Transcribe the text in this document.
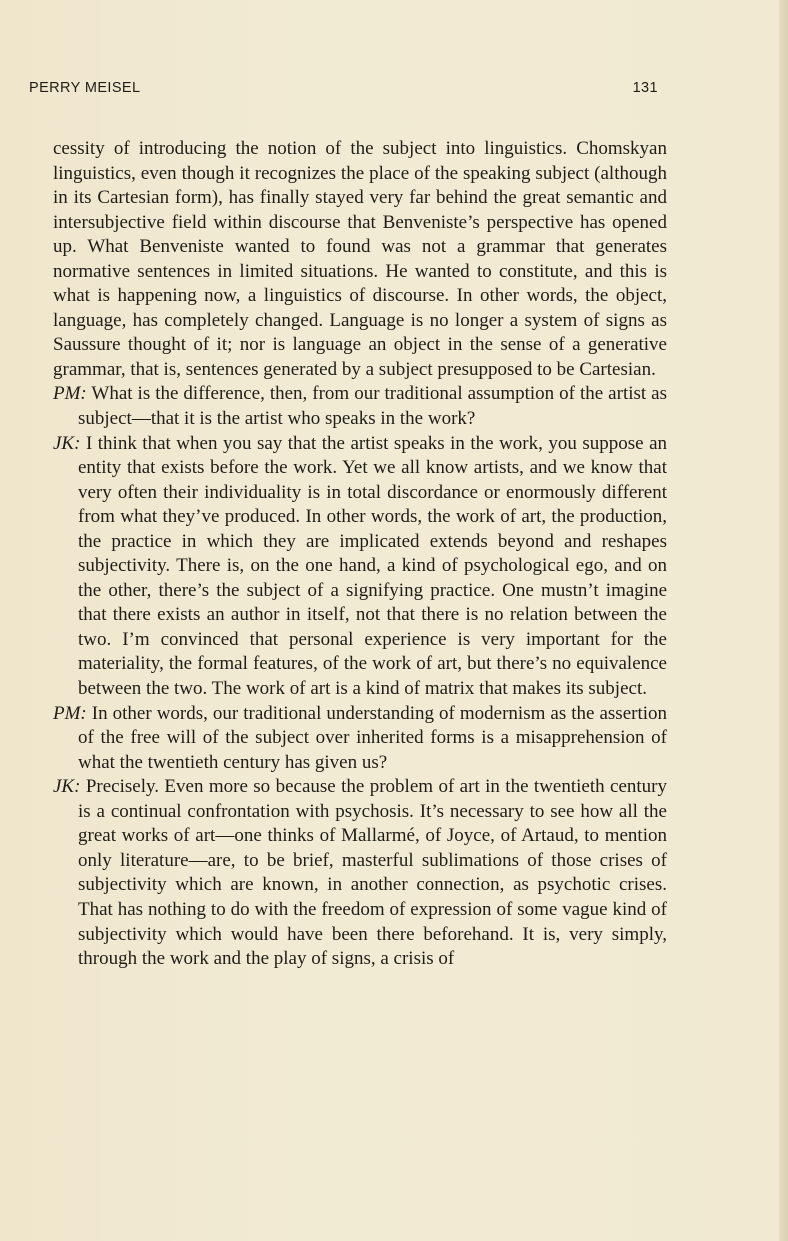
PERRY MEISEL	131

cessity of introducing the notion of the subject into linguistics. Chomskyan linguistics, even though it recognizes the place of the speaking subject (although in its Cartesian form), has finally stayed very far behind the great semantic and intersubjective field within discourse that Benveniste’s perspective has opened up. What Benveniste wanted to found was not a grammar that generates normative sentences in limited situations. He wanted to constitute, and this is what is happening now, a linguistics of discourse. In other words, the object, language, has completely changed. Language is no longer a system of signs as Saussure thought of it; nor is language an object in the sense of a generative grammar, that is, sentences generated by a subject presupposed to be Cartesian.

PM: What is the difference, then, from our traditional assumption of the artist as subject—that it is the artist who speaks in the work?

JK: I think that when you say that the artist speaks in the work, you suppose an entity that exists before the work. Yet we all know artists, and we know that very often their individuality is in total discordance or enormously different from what they’ve produced. In other words, the work of art, the production, the practice in which they are implicated extends beyond and reshapes subjectivity. There is, on the one hand, a kind of psychological ego, and on the other, there’s the subject of a signifying practice. One mustn’t imagine that there exists an author in itself, not that there is no relation between the two. I’m convinced that personal experience is very important for the materiality, the formal features, of the work of art, but there’s no equivalence between the two. The work of art is a kind of matrix that makes its subject.

PM: In other words, our traditional understanding of modernism as the assertion of the free will of the subject over inherited forms is a misapprehension of what the twentieth century has given us?

JK: Precisely. Even more so because the problem of art in the twentieth century is a continual confrontation with psychosis. It’s necessary to see how all the great works of art—one thinks of Mallarmé, of Joyce, of Artaud, to mention only literature—are, to be brief, masterful sublimations of those crises of subjectivity which are known, in another connection, as psychotic crises. That has nothing to do with the freedom of expression of some vague kind of subjectivity which would have been there beforehand. It is, very simply, through the work and the play of signs, a crisis of
